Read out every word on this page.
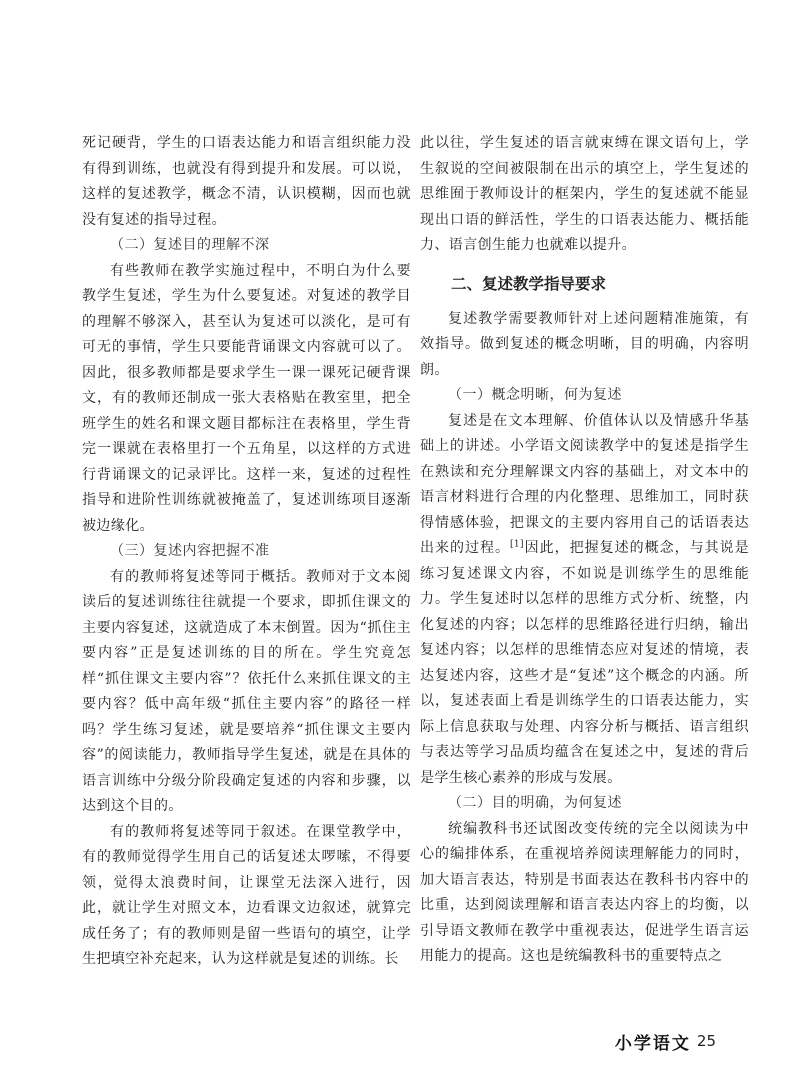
死记硬背，学生的口语表达能力和语言组织能力没有得到训练，也就没有得到提升和发展。可以说，这样的复述教学，概念不清，认识模糊，因而也就没有复述的指导过程。

（二）复述目的理解不深

有些教师在教学实施过程中，不明白为什么要教学生复述，学生为什么要复述。对复述的教学目的理解不够深入，甚至认为复述可以淡化，是可有可无的事情，学生只要能背诵课文内容就可以了。因此，很多教师都是要求学生一课一课死记硬背课文，有的教师还制成一张大表格贴在教室里，把全班学生的姓名和课文题目都标注在表格里，学生背完一课就在表格里打一个五角星，以这样的方式进行背诵课文的记录评比。这样一来，复述的过程性指导和进阶性训练就被掩盖了，复述训练项目逐渐被边缘化。

（三）复述内容把握不准

有的教师将复述等同于概括。教师对于文本阅读后的复述训练往往就提一个要求，即抓住课文的主要内容复述，这就造成了本末倒置。因为“抓住主要内容”正是复述训练的目的所在。学生究竟怎样“抓住课文主要内容”？依托什么来抓住课文的主要内容？低中高年级“抓住主要内容”的路径一样吗？学生练习复述，就是要培养“抓住课文主要内容”的阅读能力，教师指导学生复述，就是在具体的语言训练中分级分阶段确定复述的内容和步骤，以达到这个目的。

有的教师将复述等同于叙述。在课堂教学中，有的教师觉得学生用自己的话复述太啰嗦，不得要领，觉得太浪费时间，让课堂无法深入进行，因此，就让学生对照文本，边看课文边叙述，就算完成任务了；有的教师则是留一些语句的填空，让学生把填空补充起来，认为这样就是复述的训练。长

此以往，学生复述的语言就束缚在课文语句上，学生叙说的空间被限制在出示的填空上，学生复述的思维囿于教师设计的框架内，学生的复述就不能显现出口语的鲜活性，学生的口语表达能力、概括能力、语言创生能力也就难以提升。

二、复述教学指导要求

复述教学需要教师针对上述问题精准施策，有效指导。做到复述的概念明晰，目的明确，内容明朗。

（一）概念明晰，何为复述

复述是在文本理解、价值体认以及情感升华基础上的讲述。小学语文阅读教学中的复述是指学生在熟读和充分理解课文内容的基础上，对文本中的语言材料进行合理的内化整理、思维加工，同时获得情感体验，把课文的主要内容用自己的话语表达出来的过程。[1]因此，把握复述的概念，与其说是练习复述课文内容，不如说是训练学生的思维能力。学生复述时以怎样的思维方式分析、统整，内化复述的内容；以怎样的思维路径进行归纳，输出复述内容；以怎样的思维情态应对复述的情境，表达复述内容，这些才是“复述”这个概念的内涵。所以，复述表面上看是训练学生的口语表达能力，实际上信息获取与处理、内容分析与概括、语言组织与表达等学习品质均蕴含在复述之中，复述的背后是学生核心素养的形成与发展。

（二）目的明确，为何复述

统编教科书还试图改变传统的完全以阅读为中心的编排体系，在重视培养阅读理解能力的同时，加大语言表达，特别是书面表达在教科书内容中的比重，达到阅读理解和语言表达内容上的均衡，以引导语文教师在教学中重视表达，促进学生语言运用能力的提高。这也是统编教科书的重要特点之

小学语文 25
